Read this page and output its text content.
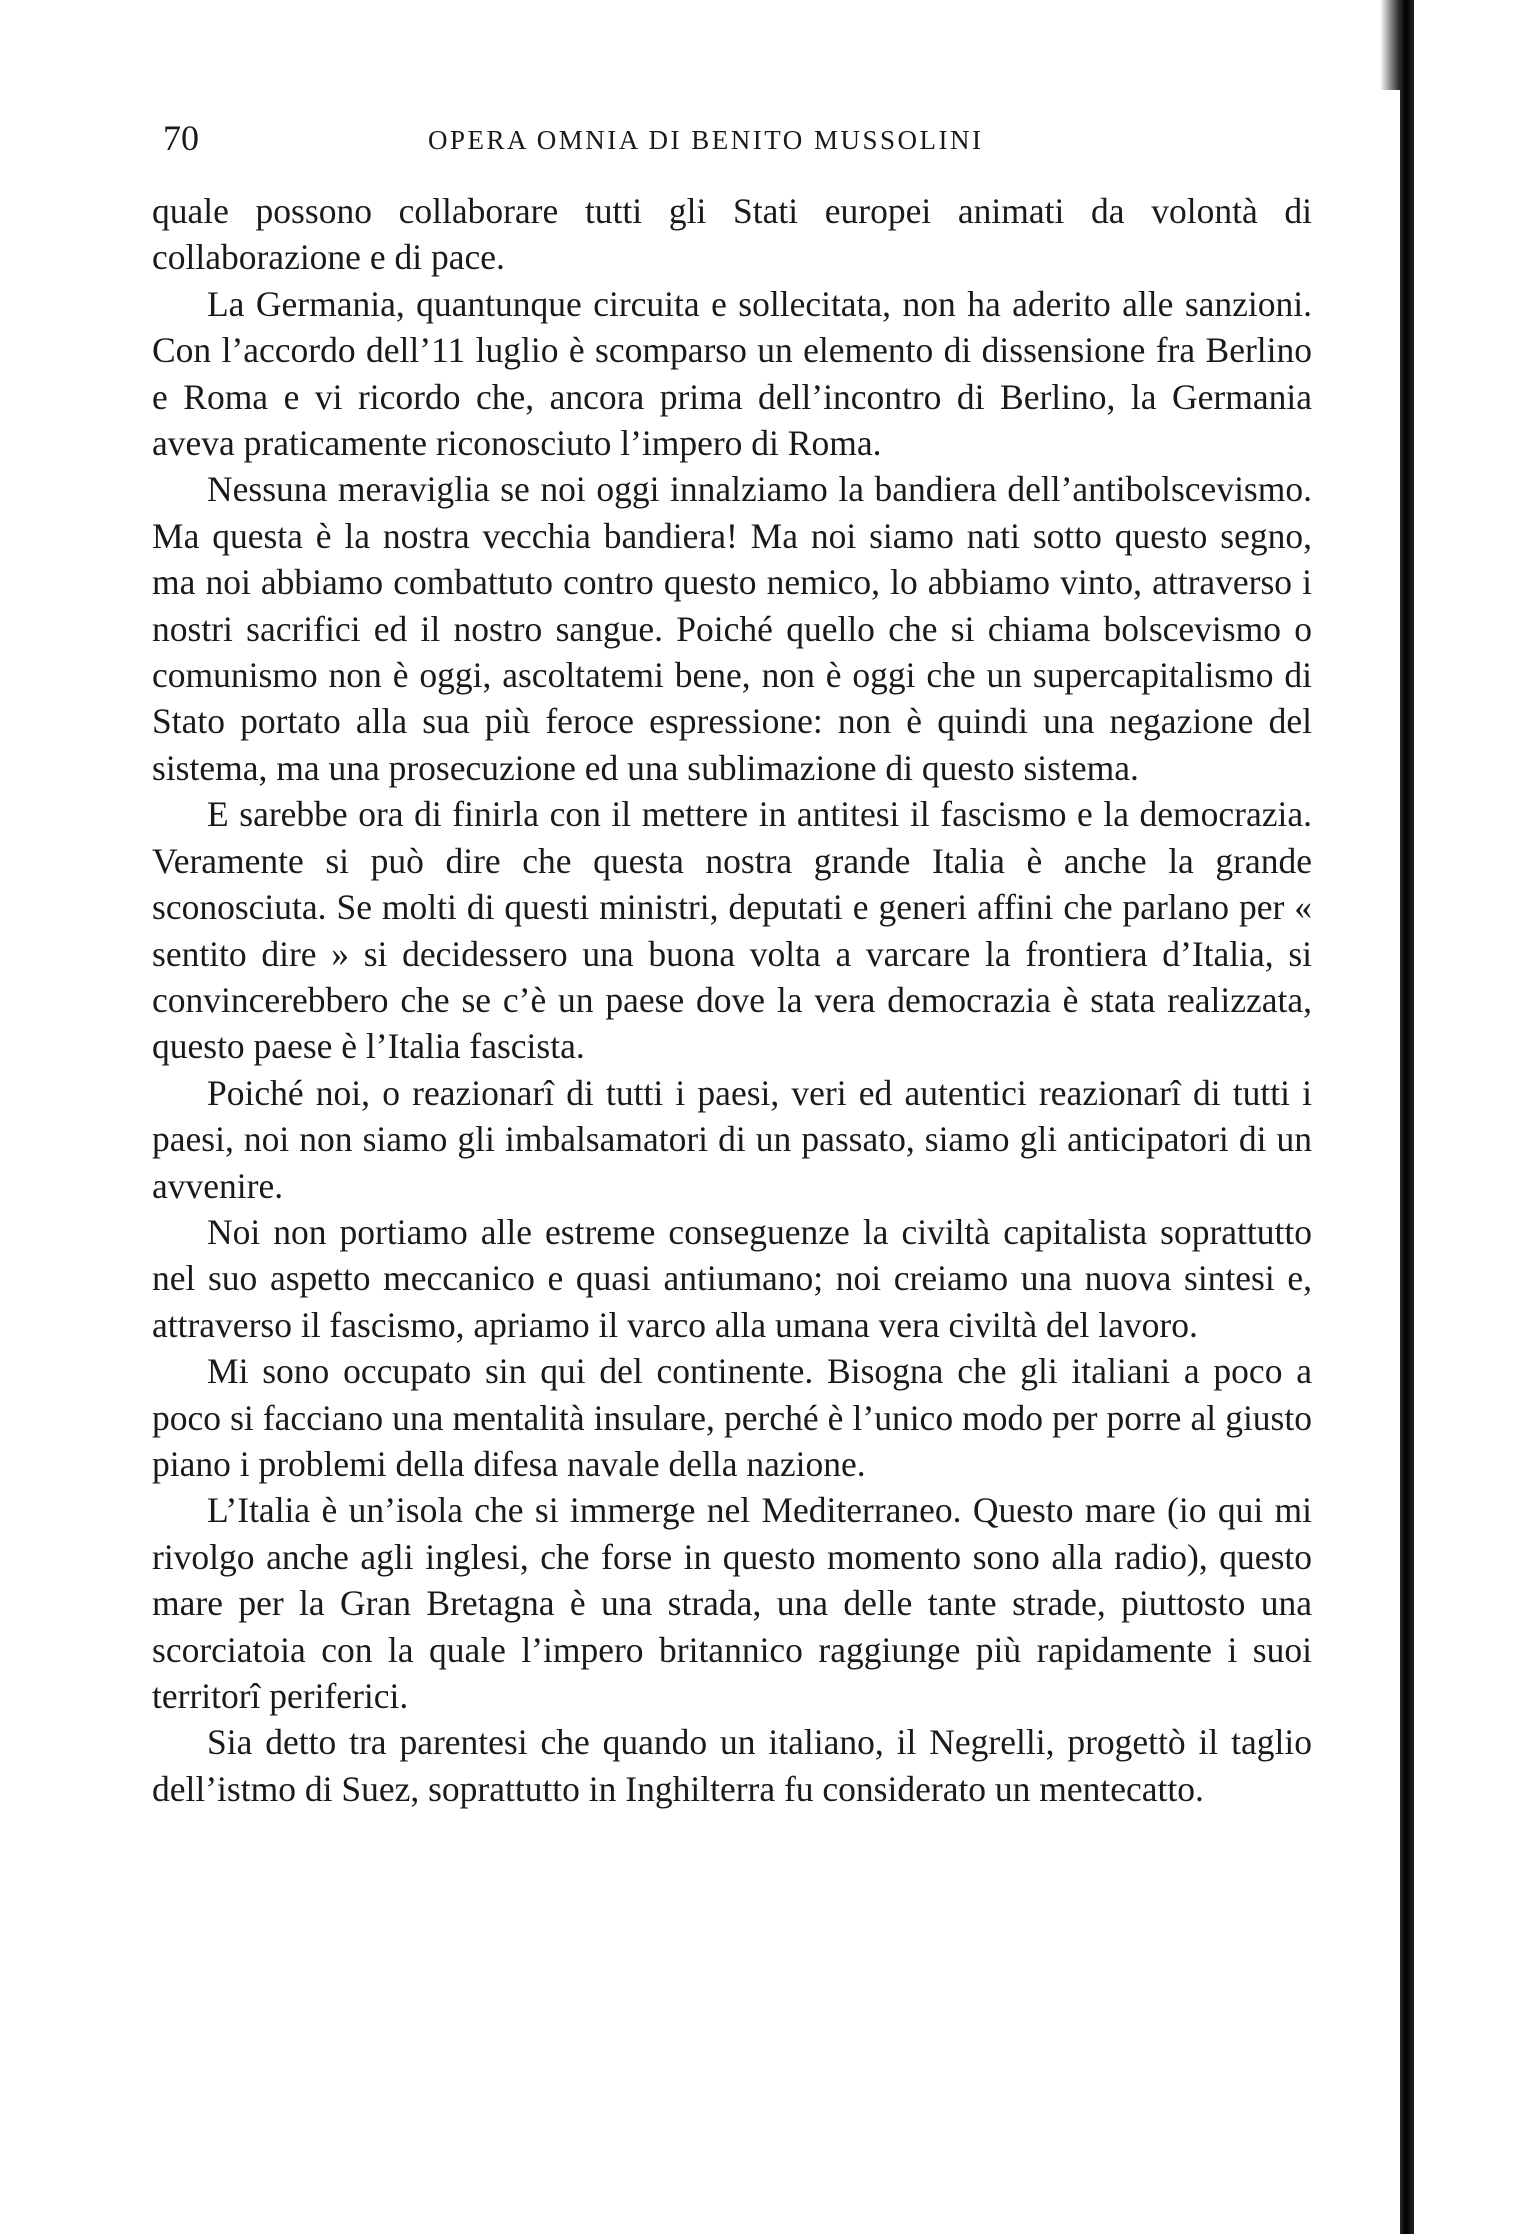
70	OPERA OMNIA DI BENITO MUSSOLINI

quale possono collaborare tutti gli Stati europei animati da volontà di collaborazione e di pace.

La Germania, quantunque circuita e sollecitata, non ha aderito alle sanzioni. Con l’accordo dell’11 luglio è scomparso un elemento di dissensione fra Berlino e Roma e vi ricordo che, ancora prima dell’incontro di Berlino, la Germania aveva praticamente riconosciuto l’impero di Roma.

Nessuna meraviglia se noi oggi innalziamo la bandiera dell’antibolscevismo. Ma questa è la nostra vecchia bandiera! Ma noi siamo nati sotto questo segno, ma noi abbiamo combattuto contro questo nemico, lo abbiamo vinto, attraverso i nostri sacrifici ed il nostro sangue. Poiché quello che si chiama bolscevismo o comunismo non è oggi, ascoltatemi bene, non è oggi che un supercapitalismo di Stato portato alla sua più feroce espressione: non è quindi una negazione del sistema, ma una prosecuzione ed una sublimazione di questo sistema.

E sarebbe ora di finirla con il mettere in antitesi il fascismo e la democrazia. Veramente si può dire che questa nostra grande Italia è anche la grande sconosciuta. Se molti di questi ministri, deputati e generi affini che parlano per « sentito dire » si decidessero una buona volta a varcare la frontiera d’Italia, si convincerebbero che se c’è un paese dove la vera democrazia è stata realizzata, questo paese è l’Italia fascista.

Poiché noi, o reazionarî di tutti i paesi, veri ed autentici reazionarî di tutti i paesi, noi non siamo gli imbalsamatori di un passato, siamo gli anticipatori di un avvenire.

Noi non portiamo alle estreme conseguenze la civiltà capitalista soprattutto nel suo aspetto meccanico e quasi antiumano; noi creiamo una nuova sintesi e, attraverso il fascismo, apriamo il varco alla umana vera civiltà del lavoro.

Mi sono occupato sin qui del continente. Bisogna che gli italiani a poco a poco si facciano una mentalità insulare, perché è l’unico modo per porre al giusto piano i problemi della difesa navale della nazione.

L’Italia è un’isola che si immerge nel Mediterraneo. Questo mare (io qui mi rivolgo anche agli inglesi, che forse in questo momento sono alla radio), questo mare per la Gran Bretagna è una strada, una delle tante strade, piuttosto una scorciatoia con la quale l’impero britannico raggiunge più rapidamente i suoi territorî periferici.

Sia detto tra parentesi che quando un italiano, il Negrelli, progettò il taglio dell’istmo di Suez, soprattutto in Inghilterra fu considerato un mentecatto.
